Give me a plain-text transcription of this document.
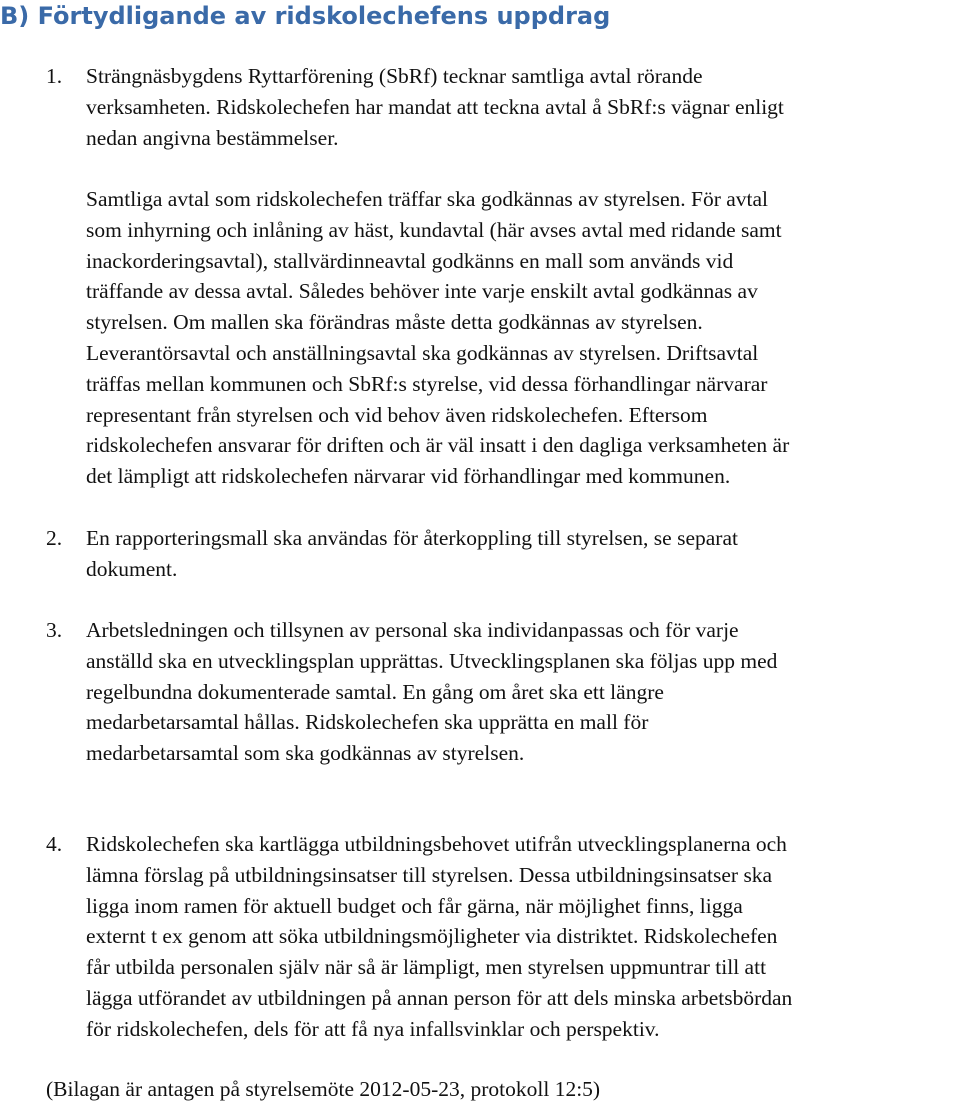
B) Förtydligande av ridskolechefens uppdrag
1. Strängnäsbygdens Ryttarförening (SbRf) tecknar samtliga avtal rörande
verksamheten. Ridskolechefen har mandat att teckna avtal å SbRf:s vägnar enligt
nedan angivna bestämmelser.
Samtliga avtal som ridskolechefen träffar ska godkännas av styrelsen. För avtal
som inhyrning och inlåning av häst, kundavtal (här avses avtal med ridande samt
inackorderingsavtal), stallvärdinneavtal godkänns en mall som används vid
träffande av dessa avtal. Således behöver inte varje enskilt avtal godkännas av
styrelsen. Om mallen ska förändras måste detta godkännas av styrelsen.
Leverantörsavtal och anställningsavtal ska godkännas av styrelsen. Driftsavtal
träffas mellan kommunen och SbRf:s styrelse, vid dessa förhandlingar närvarar
representant från styrelsen och vid behov även ridskolechefen. Eftersom
ridskolechefen ansvarar för driften och är väl insatt i den dagliga verksamheten är
det lämpligt att ridskolechefen närvarar vid förhandlingar med kommunen.
2. En rapporteringsmall ska användas för återkoppling till styrelsen, se separat
dokument.
3. Arbetsledningen och tillsynen av personal ska individanpassas och för varje
anställd ska en utvecklingsplan upprättas. Utvecklingsplanen ska följas upp med
regelbundna dokumenterade samtal. En gång om året ska ett längre
medarbetarsamtal hållas. Ridskolechefen ska upprätta en mall för
medarbetarsamtal som ska godkännas av styrelsen.
4. Ridskolechefen ska kartlägga utbildningsbehovet utifrån utvecklingsplanerna och
lämna förslag på utbildningsinsatser till styrelsen. Dessa utbildningsinsatser ska
ligga inom ramen för aktuell budget och får gärna, när möjlighet finns, ligga
externt t ex genom att söka utbildningsmöjligheter via distriktet. Ridskolechefen
får utbilda personalen själv när så är lämpligt, men styrelsen uppmuntrar till att
lägga utförandet av utbildningen på annan person för att dels minska arbetsbördan
för ridskolechefen, dels för att få nya infallsvinklar och perspektiv.
(Bilagan är antagen på styrelsemöte 2012-05-23, protokoll 12:5)
